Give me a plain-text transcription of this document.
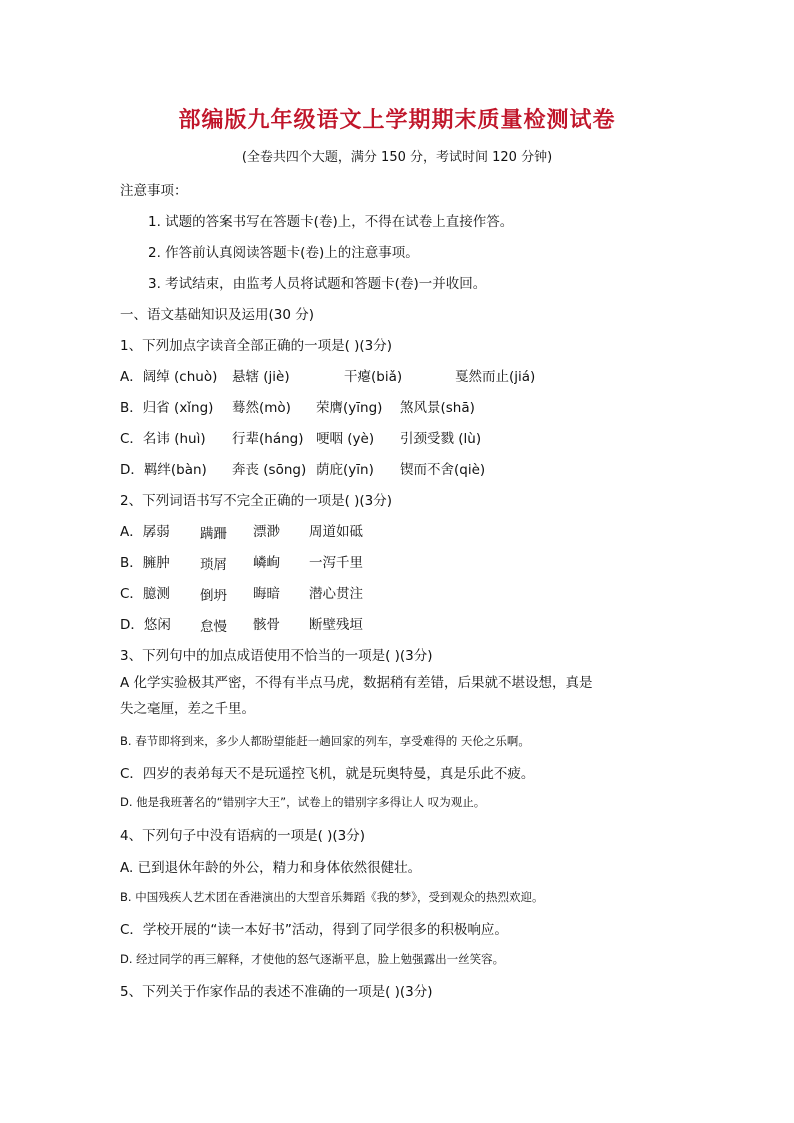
部编版九年级语文上学期期末质量检测试卷
(全卷共四个大题，满分 150 分，考试时间 120 分钟)
注意事项：
1. 试题的答案书写在答题卡(卷)上，不得在试卷上直接作答。
2. 作答前认真阅读答题卡(卷)上的注意事项。
3. 考试结束，由监考人员将试题和答题卡(卷)一并收回。
一、语文基础知识及运用(30 分)
1、下列加点字读音全部正确的一项是( )(3分)
A．阔绰 (chuò) 悬辖 (jiè)	干瘪(biǎ)	戛然而止(jiá)
B．归省 (xǐng) 蓦然(mò) 荣膺(yīng) 煞风景(shā)
C．名讳 (huì) 行辈(háng) 哽咽 (yè) 引颈受戮 (lù)
D．羁绊(bàn) 奔丧 (sōng) 荫庇(yīn) 锲而不舍(qiè)
2、下列词语书写不完全正确的一项是( )(3分)
A．孱弱 蹒跚 漂渺 周道如砥
B．臃肿 琐屑 嶙峋 一泻千里
C．臆测 倒坍 晦暗 潜心贯注
D．悠闲 怠慢 骸骨 断壁残垣
3、下列句中的加点成语使用不恰当的一项是( )(3分)
A 化学实验极其严密，不得有半点马虎，数据稍有差错，后果就不堪设想，真是失之毫厘，差之千里。
B. 春节即将到来，多少人都盼望能赶一趟回家的列车，享受难得的 天伦之乐啊。
C．四岁的表弟每天不是玩遥控飞机，就是玩奥特曼，真是乐此不疲。
D. 他是我班著名的“错别字大王”，试卷上的错别字多得让人 叹为观止。
4、下列句子中没有语病的一项是( )(3分)
A. 已到退休年龄的外公，精力和身体依然很健壮。
B. 中国残疾人艺术团在香港演出的大型音乐舞蹈《我的梦》，受到观众的热烈欢迎。
C．学校开展的“读一本好书”活动，得到了同学很多的积极响应。
D. 经过同学的再三解释，才使他的怒气逐渐平息，脸上勉强露出一丝笑容。
5、下列关于作家作品的表述不准确的一项是( )(3分)
